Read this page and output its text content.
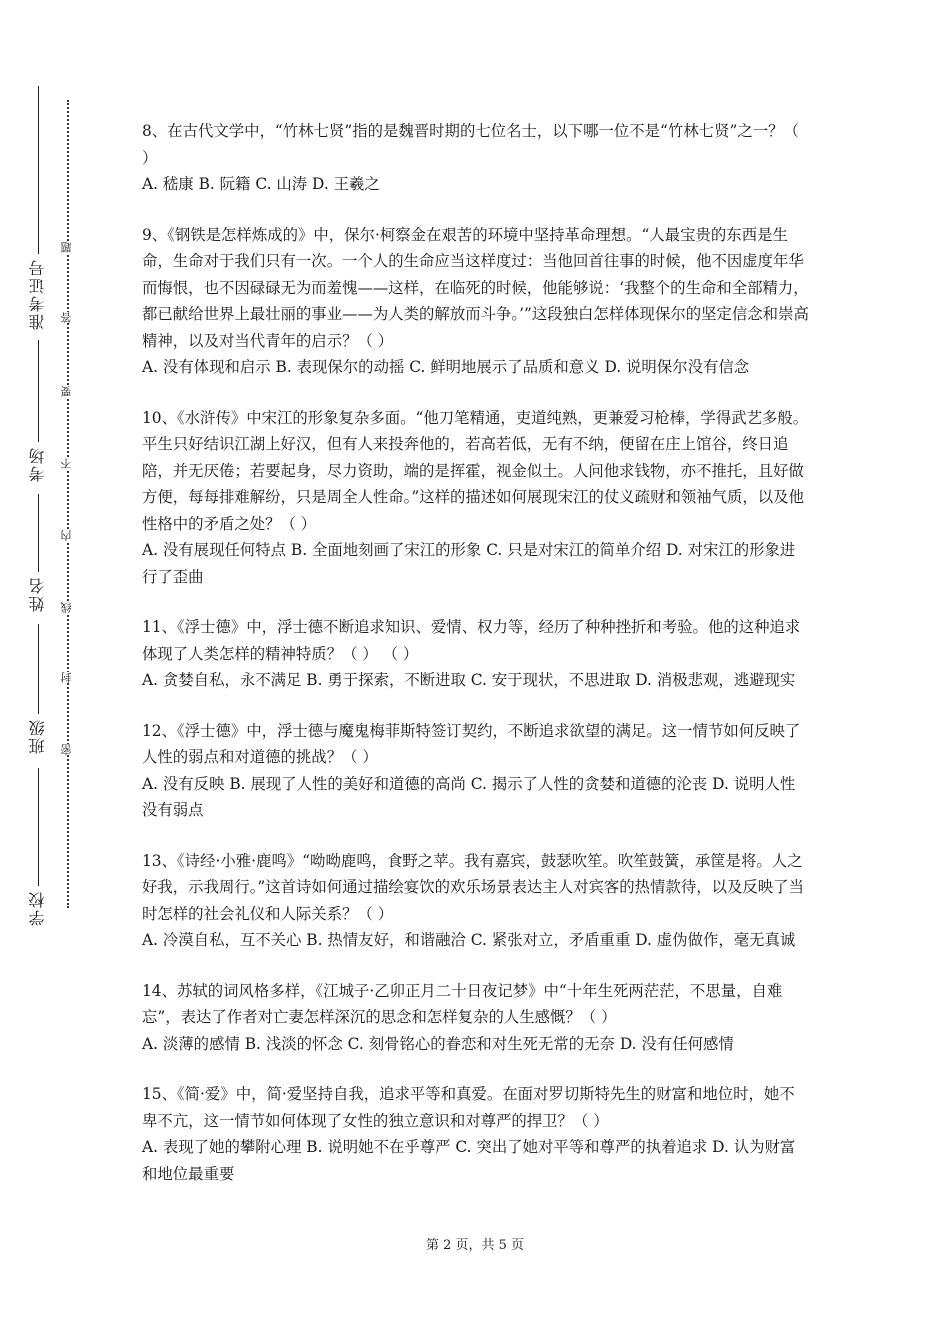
准考证号
考场
姓名
班级
学校
题
答
要
不
内
线
封
密

8、在古代文学中，“竹林七贤”指的是魏晋时期的七位名士，以下哪一位不是“竹林七贤”之一？（ ）

A. 嵇康 B. 阮籍 C. 山涛 D. 王羲之

9、《钢铁是怎样炼成的》中，保尔·柯察金在艰苦的环境中坚持革命理想。“人最宝贵的东西是生命，生命对于我们只有一次。一个人的生命应当这样度过：当他回首往事的时候，他不因虚度年华而悔恨，也不因碌碌无为而羞愧——这样，在临死的时候，他能够说：‘我整个的生命和全部精力，都已献给世界上最壮丽的事业——为人类的解放而斗争。’”这段独白怎样体现保尔的坚定信念和崇高精神，以及对当代青年的启示？（ ）

A. 没有体现和启示 B. 表现保尔的动摇 C. 鲜明地展示了品质和意义 D. 说明保尔没有信念

10、《水浒传》中宋江的形象复杂多面。“他刀笔精通，吏道纯熟，更兼爱习枪棒，学得武艺多般。平生只好结识江湖上好汉，但有人来投奔他的，若高若低，无有不纳，便留在庄上馆谷，终日追陪，并无厌倦；若要起身，尽力资助，端的是挥霍，视金似土。人问他求钱物，亦不推托，且好做方便，每每排难解纷，只是周全人性命。”这样的描述如何展现宋江的仗义疏财和领袖气质，以及他性格中的矛盾之处？（ ）

A. 没有展现任何特点 B. 全面地刻画了宋江的形象 C. 只是对宋江的简单介绍 D. 对宋江的形象进行了歪曲

11、《浮士德》中，浮士德不断追求知识、爱情、权力等，经历了种种挫折和考验。他的这种追求体现了人类怎样的精神特质？（ ） （ ）

A. 贪婪自私，永不满足 B. 勇于探索，不断进取 C. 安于现状，不思进取 D. 消极悲观，逃避现实

12、《浮士德》中，浮士德与魔鬼梅菲斯特签订契约，不断追求欲望的满足。这一情节如何反映了人性的弱点和对道德的挑战？（ ）

A. 没有反映 B. 展现了人性的美好和道德的高尚 C. 揭示了人性的贪婪和道德的沦丧 D. 说明人性没有弱点

13、《诗经·小雅·鹿鸣》“呦呦鹿鸣，食野之苹。我有嘉宾，鼓瑟吹笙。吹笙鼓簧，承筐是将。人之好我，示我周行。”这首诗如何通过描绘宴饮的欢乐场景表达主人对宾客的热情款待，以及反映了当时怎样的社会礼仪和人际关系？（ ）

A. 冷漠自私，互不关心 B. 热情友好，和谐融洽 C. 紧张对立，矛盾重重 D. 虚伪做作，毫无真诚

14、苏轼的词风格多样，《江城子·乙卯正月二十日夜记梦》中“十年生死两茫茫，不思量，自难忘”，表达了作者对亡妻怎样深沉的思念和怎样复杂的人生感慨？（ ）

A. 淡薄的感情 B. 浅淡的怀念 C. 刻骨铭心的眷恋和对生死无常的无奈 D. 没有任何感情

15、《简·爱》中，简·爱坚持自我，追求平等和真爱。在面对罗切斯特先生的财富和地位时，她不卑不亢，这一情节如何体现了女性的独立意识和对尊严的捍卫？（ ）

A. 表现了她的攀附心理 B. 说明她不在乎尊严 C. 突出了她对平等和尊严的执着追求 D. 认为财富和地位最重要

第 2 页，共 5 页
